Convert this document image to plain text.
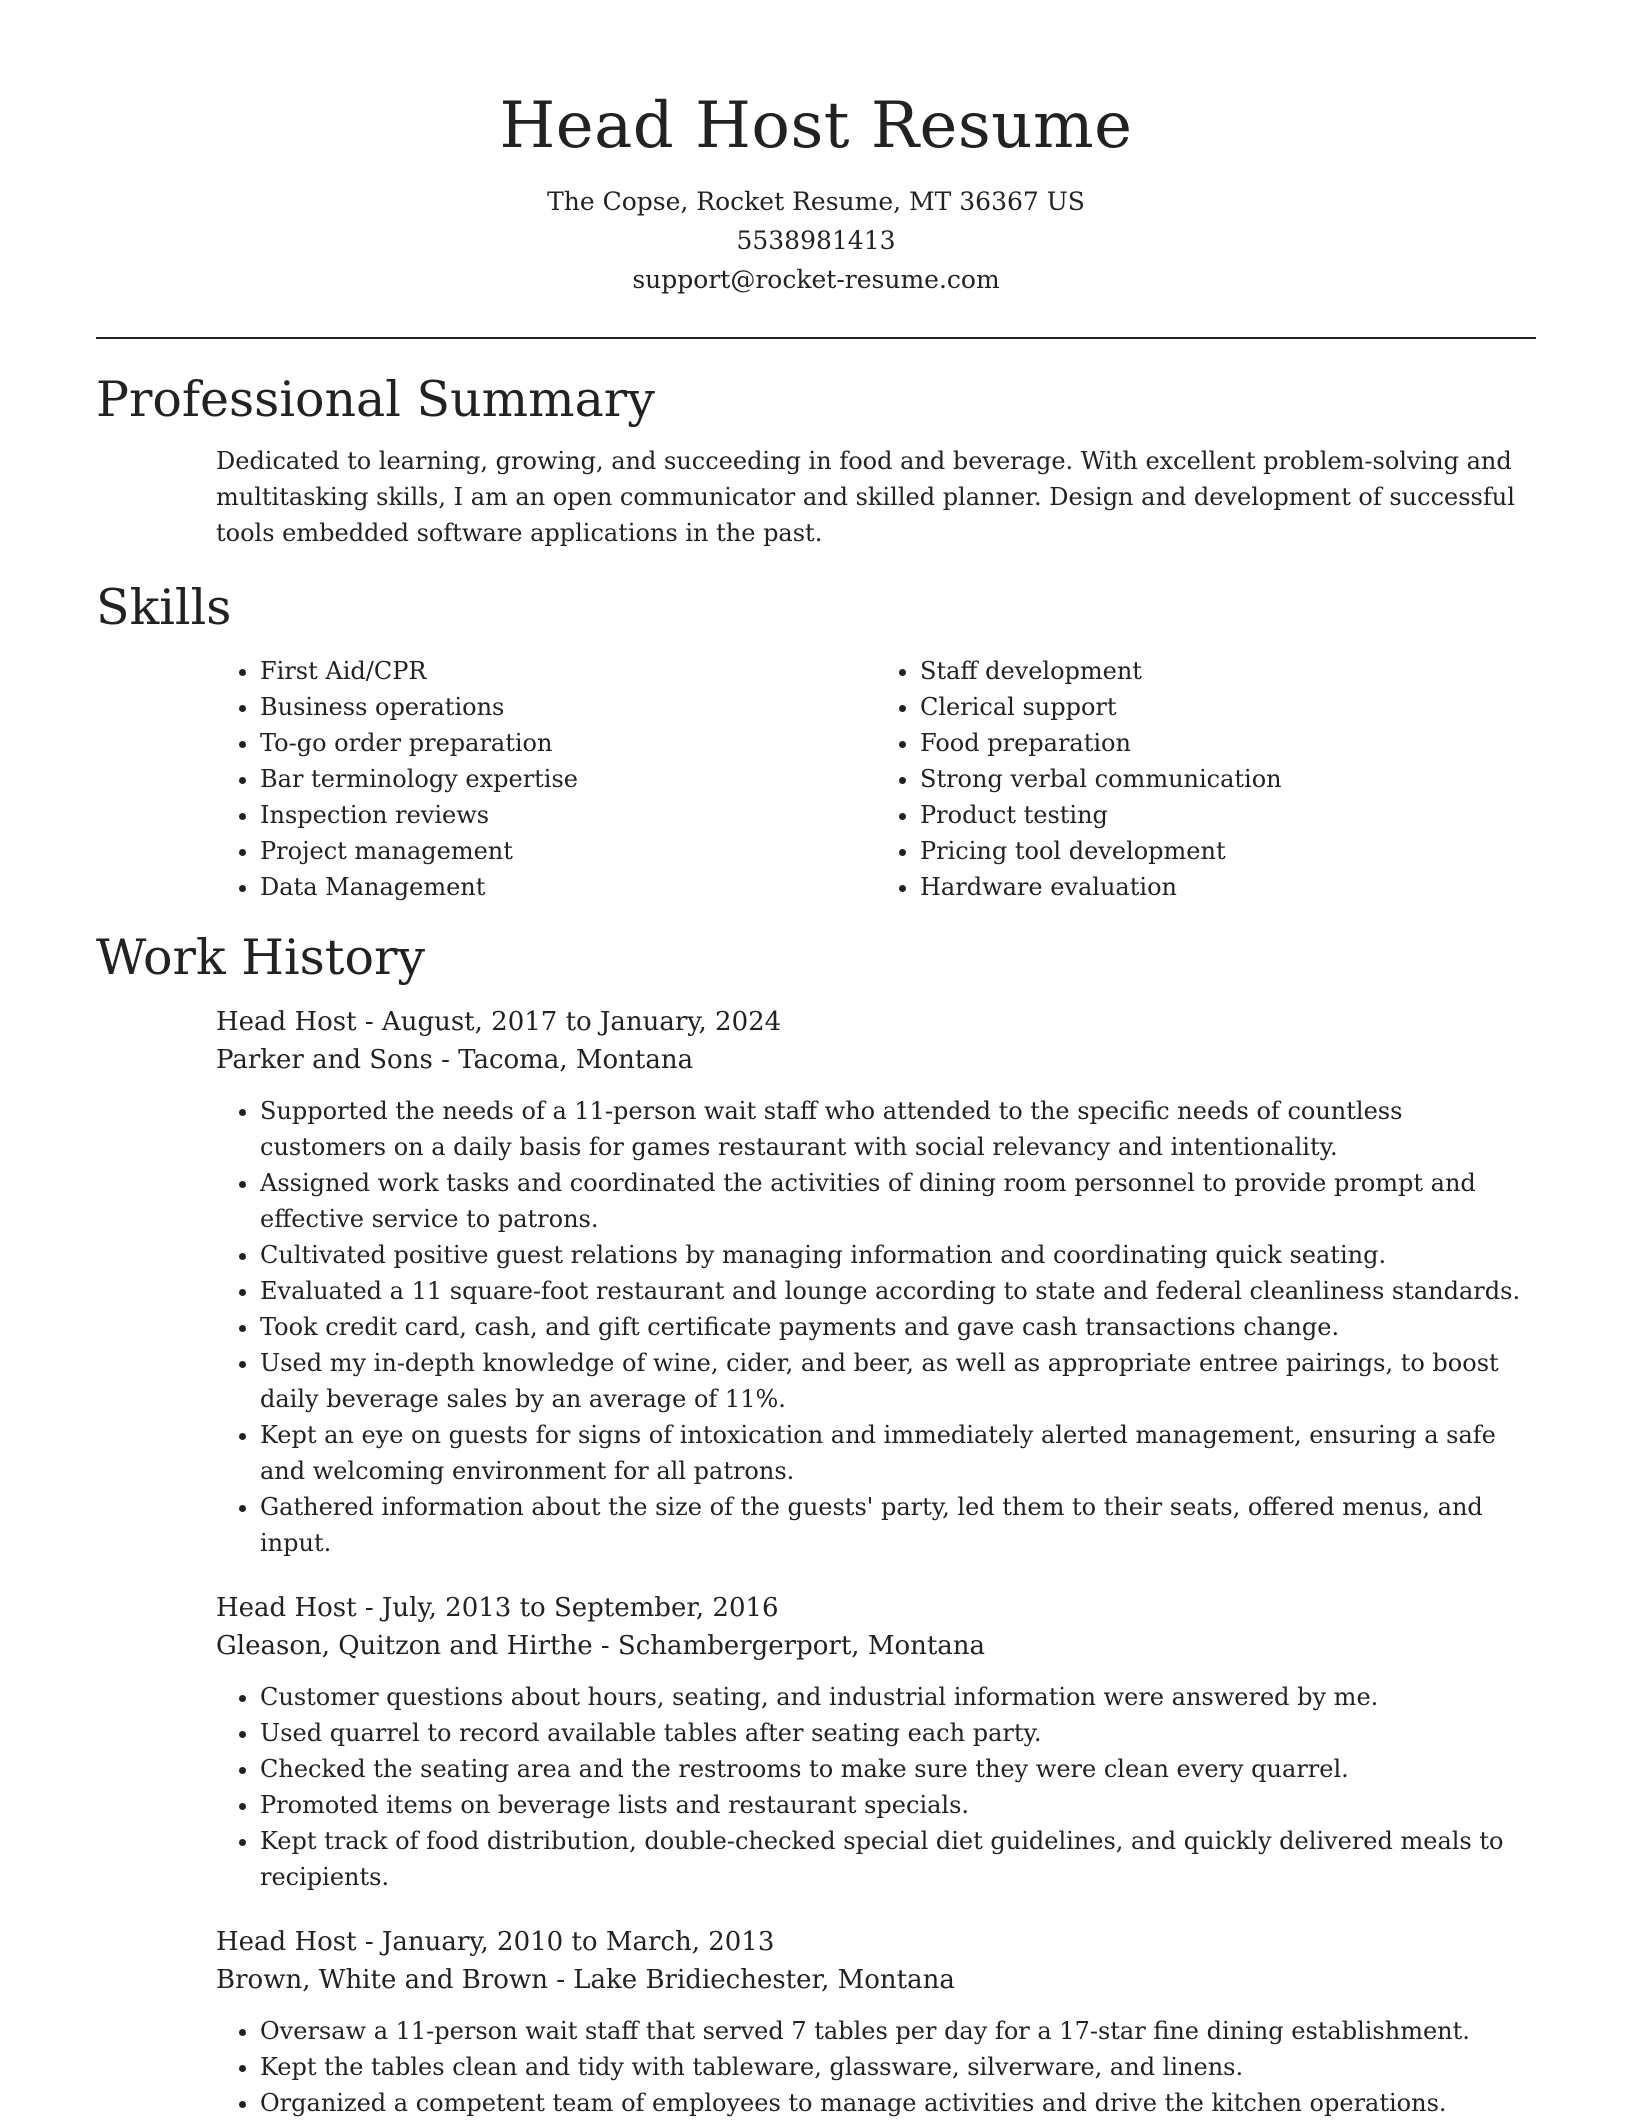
Head Host Resume
The Copse, Rocket Resume, MT 36367 US
5538981413
support@rocket-resume.com
Professional Summary

Dedicated to learning, growing, and succeeding in food and beverage. With excellent problem-solving and multitasking skills, I am an open communicator and skilled planner. Design and development of successful tools embedded software applications in the past.

Skills
• First Aid/CPR
• Business operations
• To-go order preparation
• Bar terminology expertise
• Inspection reviews
• Project management
• Data Management
• Staff development
• Clerical support
• Food preparation
• Strong verbal communication
• Product testing
• Pricing tool development
• Hardware evaluation
Work History
Head Host - August, 2017 to January, 2024
Parker and Sons - Tacoma, Montana
• Supported the needs of a 11-person wait staff who attended to the specific needs of countless customers on a daily basis for games restaurant with social relevancy and intentionality.
• Assigned work tasks and coordinated the activities of dining room personnel to provide prompt and effective service to patrons.
• Cultivated positive guest relations by managing information and coordinating quick seating.
• Evaluated a 11 square-foot restaurant and lounge according to state and federal cleanliness standards.
• Took credit card, cash, and gift certificate payments and gave cash transactions change.
• Used my in-depth knowledge of wine, cider, and beer, as well as appropriate entree pairings, to boost daily beverage sales by an average of 11%.
• Kept an eye on guests for signs of intoxication and immediately alerted management, ensuring a safe and welcoming environment for all patrons.
• Gathered information about the size of the guests' party, led them to their seats, offered menus, and input.
Head Host - July, 2013 to September, 2016
Gleason, Quitzon and Hirthe - Schambergerport, Montana
• Customer questions about hours, seating, and industrial information were answered by me.
• Used quarrel to record available tables after seating each party.
• Checked the seating area and the restrooms to make sure they were clean every quarrel.
• Promoted items on beverage lists and restaurant specials.
• Kept track of food distribution, double-checked special diet guidelines, and quickly delivered meals to recipients.
Head Host - January, 2010 to March, 2013
Brown, White and Brown - Lake Bridiechester, Montana
• Oversaw a 11-person wait staff that served 7 tables per day for a 17-star fine dining establishment.
• Kept the tables clean and tidy with tableware, glassware, silverware, and linens.
• Organized a competent team of employees to manage activities and drive the kitchen operations.
